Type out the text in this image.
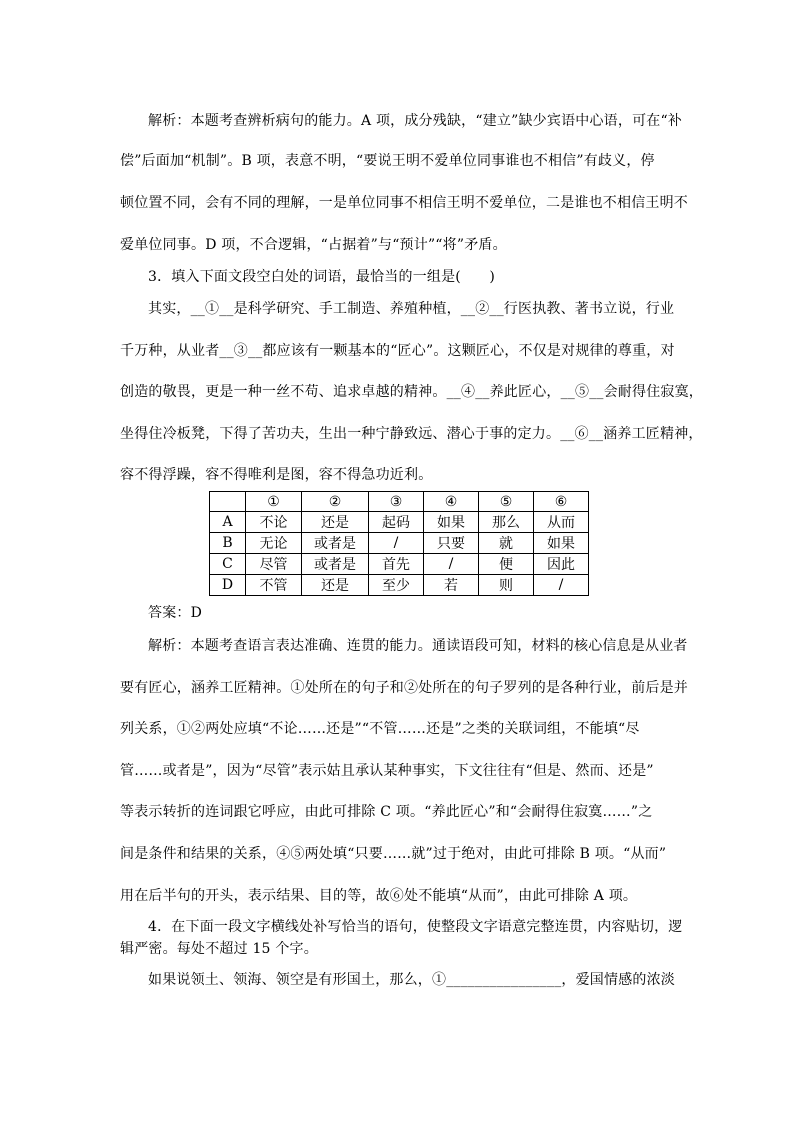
解析：本题考查辨析病句的能力。A 项，成分残缺，“建立”缺少宾语中心语，可在“补
偿”后面加“机制”。B 项，表意不明，“要说王明不爱单位同事谁也不相信”有歧义，停
顿位置不同，会有不同的理解，一是单位同事不相信王明不爱单位，二是谁也不相信王明不
爱单位同事。D 项，不合逻辑，“占据着”与“预计”“将”矛盾。
3．填入下面文段空白处的词语，最恰当的一组是(　　)
其实，__①__是科学研究、手工制造、养殖种植，__②__行医执教、著书立说，行业
千万种，从业者__③__都应该有一颗基本的“匠心”。这颗匠心，不仅是对规律的尊重，对
创造的敬畏，更是一种一丝不苟、追求卓越的精神。__④__养此匠心，__⑤__会耐得住寂寞，
坐得住冷板凳，下得了苦功夫，生出一种宁静致远、潜心于事的定力。__⑥__涵养工匠精神，
容不得浮躁，容不得唯利是图，容不得急功近利。
	①	②	③	④	⑤	⑥
A	不论	还是	起码	如果	那么	从而
B	无论	或者是	/	只要	就	如果
C	尽管	或者是	首先	/	便	因此
D	不管	还是	至少	若	则	/
答案：D
解析：本题考查语言表达准确、连贯的能力。通读语段可知，材料的核心信息是从业者
要有匠心，涵养工匠精神。①处所在的句子和②处所在的句子罗列的是各种行业，前后是并
列关系，①②两处应填“不论……还是”“不管……还是”之类的关联词组，不能填“尽
管……或者是”，因为“尽管”表示姑且承认某种事实，下文往往有“但是、然而、还是”
等表示转折的连词跟它呼应，由此可排除 C 项。“养此匠心”和“会耐得住寂寞……”之
间是条件和结果的关系，④⑤两处填“只要……就”过于绝对，由此可排除 B 项。“从而”
用在后半句的开头，表示结果、目的等，故⑥处不能填“从而”，由此可排除 A 项。
4．在下面一段文字横线处补写恰当的语句，使整段文字语意完整连贯，内容贴切，逻
辑严密。每处不超过 15 个字。
如果说领土、领海、领空是有形国土，那么，①________________，爱国情感的浓淡
